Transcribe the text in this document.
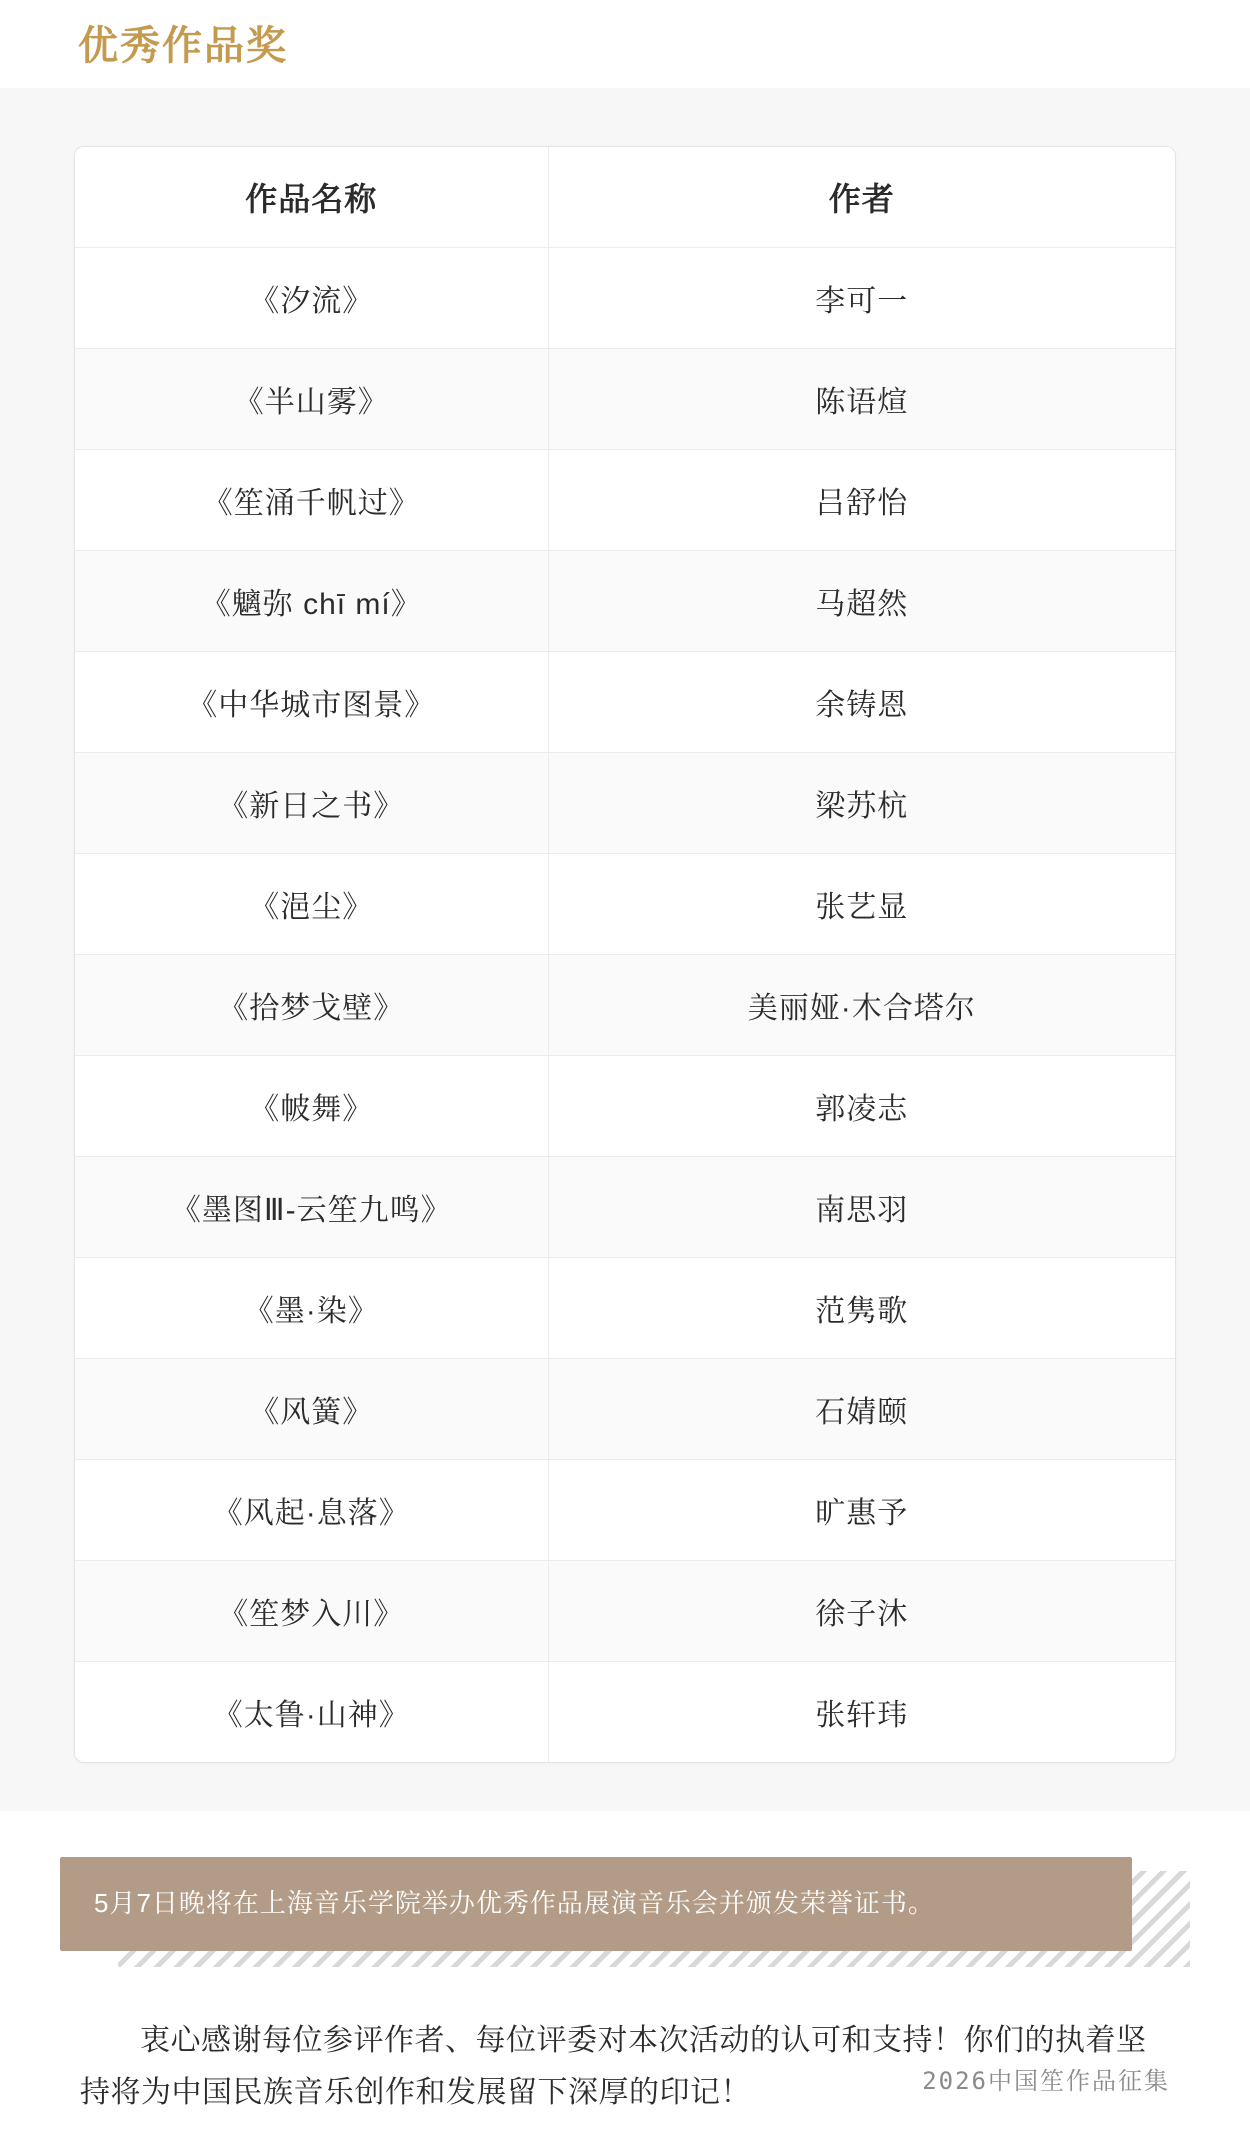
优秀作品奖
作品名称	作者
《汐流》	李可一
《半山雾》	陈语煊
《笙涌千帆过》	吕舒怡
《魑弥 chī mí》	马超然
《中华城市图景》	余铸恩
《新日之书》	梁苏杭
《浥尘》	张艺显
《拾梦戈壁》	美丽娅·木合塔尔
《帔舞》	郭凌志
《墨图Ⅲ-云笙九鸣》	南思羽
《墨·染》	范隽歌
《风簧》	石婧颐
《风起·息落》	旷惠予
《笙梦入川》	徐子沐
《太鲁·山神》	张轩玮
5月7日晚将在上海音乐学院举办优秀作品展演音乐会并颁发荣誉证书。

衷心感谢每位参评作者、每位评委对本次活动的认可和支持！你们的执着坚持将为中国民族音乐创作和发展留下深厚的印记！	2026中国笙作品征集
